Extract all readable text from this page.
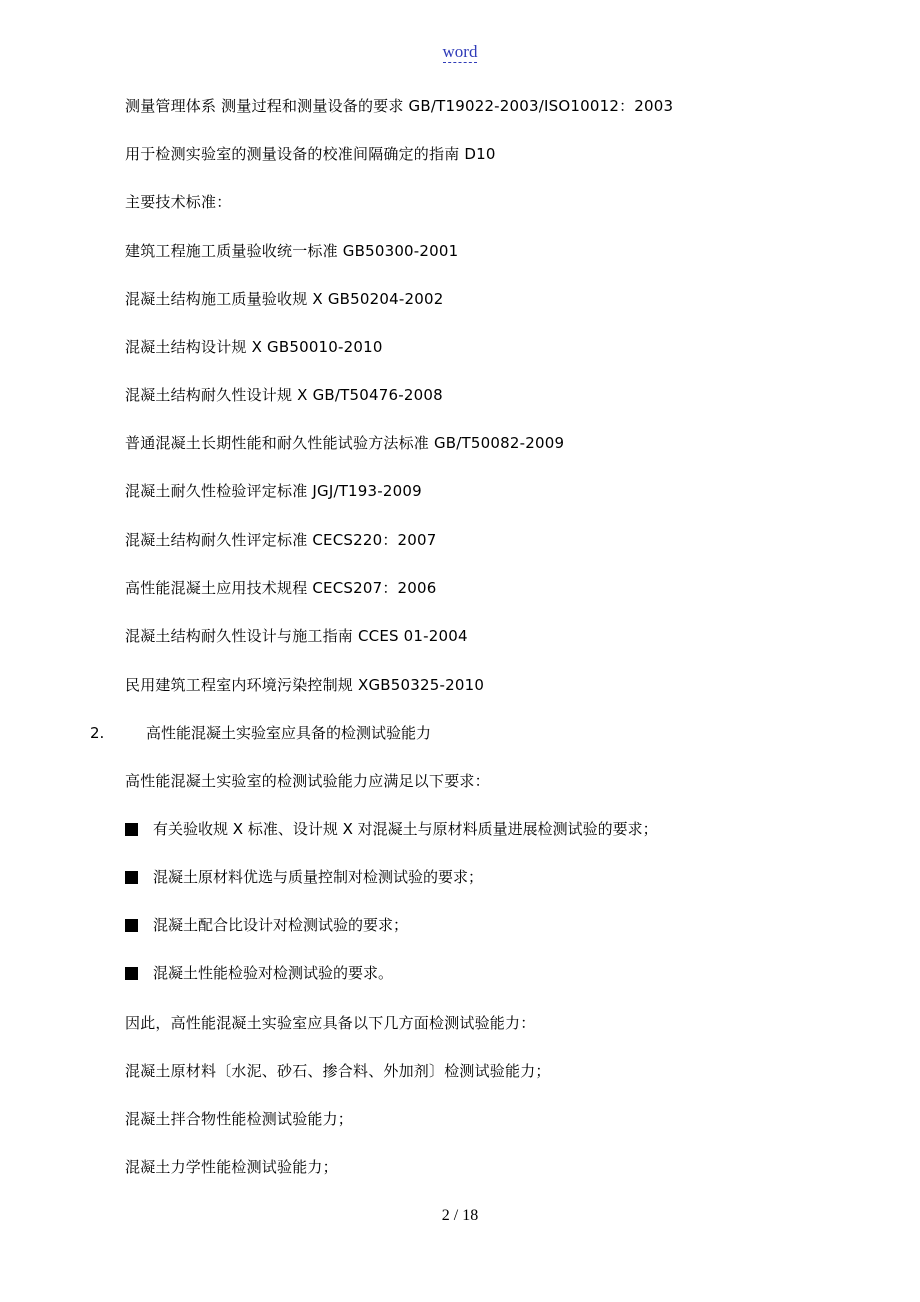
word
测量管理体系 测量过程和测量设备的要求 GB/T19022-2003/ISO10012：2003
用于检测实验室的测量设备的校准间隔确定的指南 D10
主要技术标准：
建筑工程施工质量验收统一标准 GB50300-2001
混凝土结构施工质量验收规 X GB50204-2002
混凝土结构设计规 X GB50010-2010
混凝土结构耐久性设计规 X GB/T50476-2008
普通混凝土长期性能和耐久性能试验方法标准 GB/T50082-2009
混凝土耐久性检验评定标准 JGJ/T193-2009
混凝土结构耐久性评定标准 CECS220：2007
高性能混凝土应用技术规程 CECS207：2006
混凝土结构耐久性设计与施工指南 CCES 01-2004
民用建筑工程室内环境污染控制规 XGB50325-2010
2.	高性能混凝土实验室应具备的检测试验能力
高性能混凝土实验室的检测试验能力应满足以下要求：
有关验收规 X 标准、设计规 X 对混凝土与原材料质量进展检测试验的要求；
混凝土原材料优选与质量控制对检测试验的要求；
混凝土配合比设计对检测试验的要求；
混凝土性能检验对检测试验的要求。
因此，高性能混凝土实验室应具备以下几方面检测试验能力：
混凝土原材料〔水泥、砂石、掺合料、外加剂〕检测试验能力；
混凝土拌合物性能检测试验能力；
混凝土力学性能检测试验能力；
2 / 18
